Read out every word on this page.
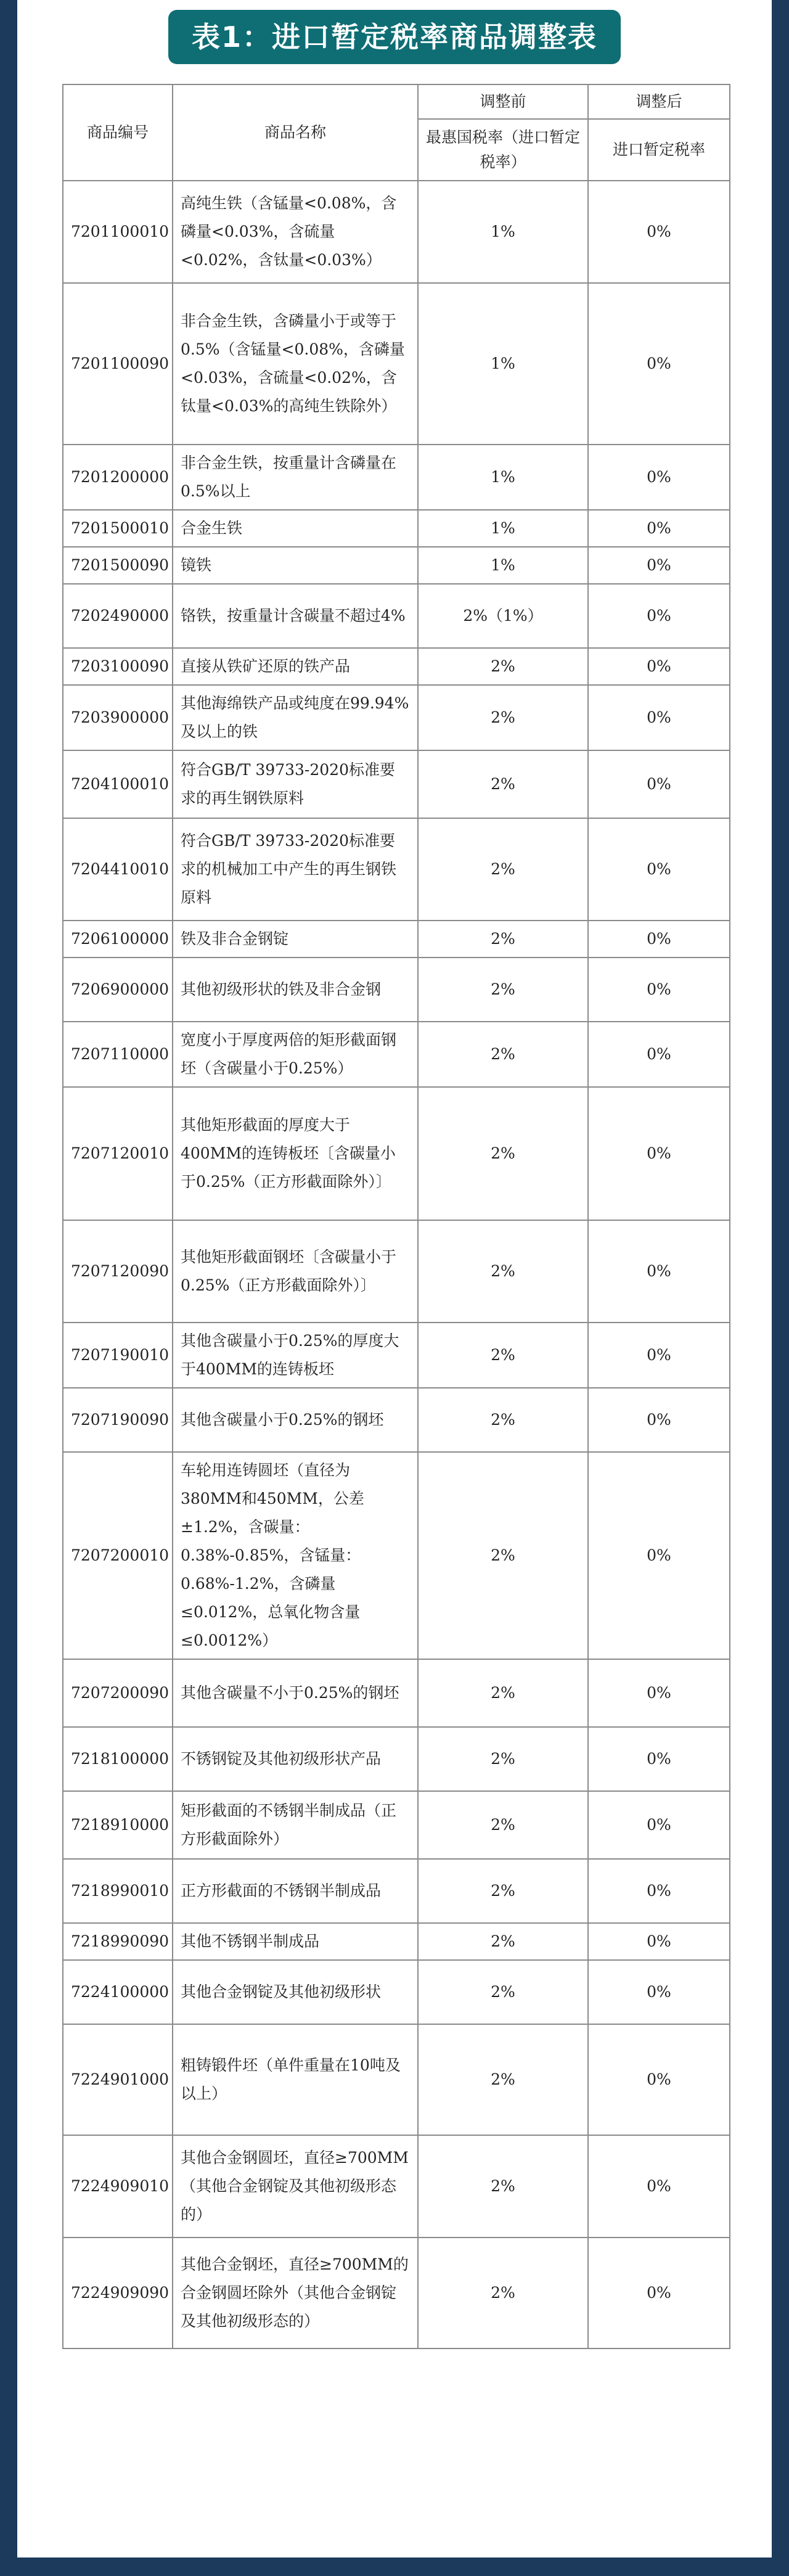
表1：进口暂定税率商品调整表
商品编号	商品名称	调整前	调整后
		最惠国税率（进口暂定税率）	进口暂定税率
7201100010	高纯生铁（含锰量<0.08%，含磷量<0.03%，含硫量<0.02%，含钛量<0.03%）	1%	0%
7201100090	非合金生铁，含磷量小于或等于0.5%（含锰量<0.08%，含磷量<0.03%，含硫量<0.02%，含钛量<0.03%的高纯生铁除外）	1%	0%
7201200000	非合金生铁，按重量计含磷量在0.5%以上	1%	0%
7201500010	合金生铁	1%	0%
7201500090	镜铁	1%	0%
7202490000	铬铁，按重量计含碳量不超过4%	2%（1%）	0%
7203100090	直接从铁矿还原的铁产品	2%	0%
7203900000	其他海绵铁产品或纯度在99.94%及以上的铁	2%	0%
7204100010	符合GB/T 39733-2020标准要求的再生钢铁原料	2%	0%
7204410010	符合GB/T 39733-2020标准要求的机械加工中产生的再生钢铁原料	2%	0%
7206100000	铁及非合金钢锭	2%	0%
7206900000	其他初级形状的铁及非合金钢	2%	0%
7207110000	宽度小于厚度两倍的矩形截面钢坯（含碳量小于0.25%）	2%	0%
7207120010	其他矩形截面的厚度大于400MM的连铸板坯〔含碳量小于0.25%（正方形截面除外）〕	2%	0%
7207120090	其他矩形截面钢坯〔含碳量小于0.25%（正方形截面除外）〕	2%	0%
7207190010	其他含碳量小于0.25%的厚度大于400MM的连铸板坯	2%	0%
7207190090	其他含碳量小于0.25%的钢坯	2%	0%
7207200010	车轮用连铸圆坯（直径为380MM和450MM，公差±1.2%，含碳量：0.38%-0.85%，含锰量：0.68%-1.2%，含磷量≤0.012%，总氧化物含量≤0.0012%）	2%	0%
7207200090	其他含碳量不小于0.25%的钢坯	2%	0%
7218100000	不锈钢锭及其他初级形状产品	2%	0%
7218910000	矩形截面的不锈钢半制成品（正方形截面除外）	2%	0%
7218990010	正方形截面的不锈钢半制成品	2%	0%
7218990090	其他不锈钢半制成品	2%	0%
7224100000	其他合金钢锭及其他初级形状	2%	0%
7224901000	粗铸锻件坯（单件重量在10吨及以上）	2%	0%
7224909010	其他合金钢圆坯，直径≥700MM（其他合金钢锭及其他初级形态的）	2%	0%
7224909090	其他合金钢坯，直径≥700MM的合金钢圆坯除外（其他合金钢锭及其他初级形态的）	2%	0%
